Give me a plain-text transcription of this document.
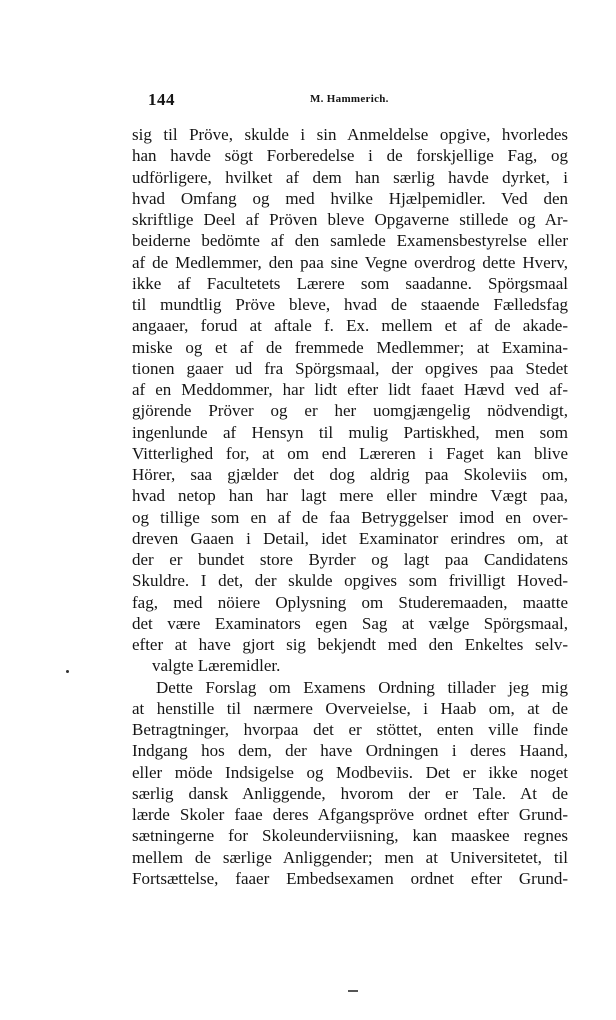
144	M. Hammerich.
sig til Pröve, skulde i sin Anmeldelse opgive, hvorledes
han havde sögt Forberedelse i de forskjellige Fag, og
udförligere, hvilket af dem han særlig havde dyrket, i
hvad Omfang og med hvilke Hjælpemidler. Ved den
skriftlige Deel af Pröven bleve Opgaverne stillede og Ar-
beiderne bedömte af den samlede Examensbestyrelse eller
af de Medlemmer, den paa sine Vegne overdrog dette Hverv,
ikke af Facultetets Lærere som saadanne. Spörgsmaal
til mundtlig Pröve bleve, hvad de staaende Fælledsfag
angaaer, forud at aftale f. Ex. mellem et af de akade-
miske og et af de fremmede Medlemmer; at Examina-
tionen gaaer ud fra Spörgsmaal, der opgives paa Stedet
af en Meddommer, har lidt efter lidt faaet Hævd ved af-
gjörende Pröver og er her uomgjængelig nödvendigt,
ingenlunde af Hensyn til mulig Partiskhed, men som
Vitterlighed for, at om end Læreren i Faget kan blive
Hörer, saa gjælder det dog aldrig paa Skoleviis om,
hvad netop han har lagt mere eller mindre Vægt paa,
og tillige som en af de faa Betryggelser imod en over-
dreven Gaaen i Detail, idet Examinator erindres om, at
der er bundet store Byrder og lagt paa Candidatens
Skuldre. I det, der skulde opgives som frivilligt Hoved-
fag, med nöiere Oplysning om Studeremaaden, maatte
det være Examinators egen Sag at vælge Spörgsmaal,
efter at have gjort sig bekjendt med den Enkeltes selv-
valgte Læremidler.
Dette Forslag om Examens Ordning tillader jeg mig
at henstille til nærmere Overveielse, i Haab om, at de
Betragtninger, hvorpaa det er stöttet, enten ville finde
Indgang hos dem, der have Ordningen i deres Haand,
eller möde Indsigelse og Modbeviis. Det er ikke noget
særlig dansk Anliggende, hvorom der er Tale. At de
lærde Skoler faae deres Afgangspröve ordnet efter Grund-
sætningerne for Skoleunderviisning, kan maaskee regnes
mellem de særlige Anliggender; men at Universitetet, til
Fortsættelse, faaer Embedsexamen ordnet efter Grund-
